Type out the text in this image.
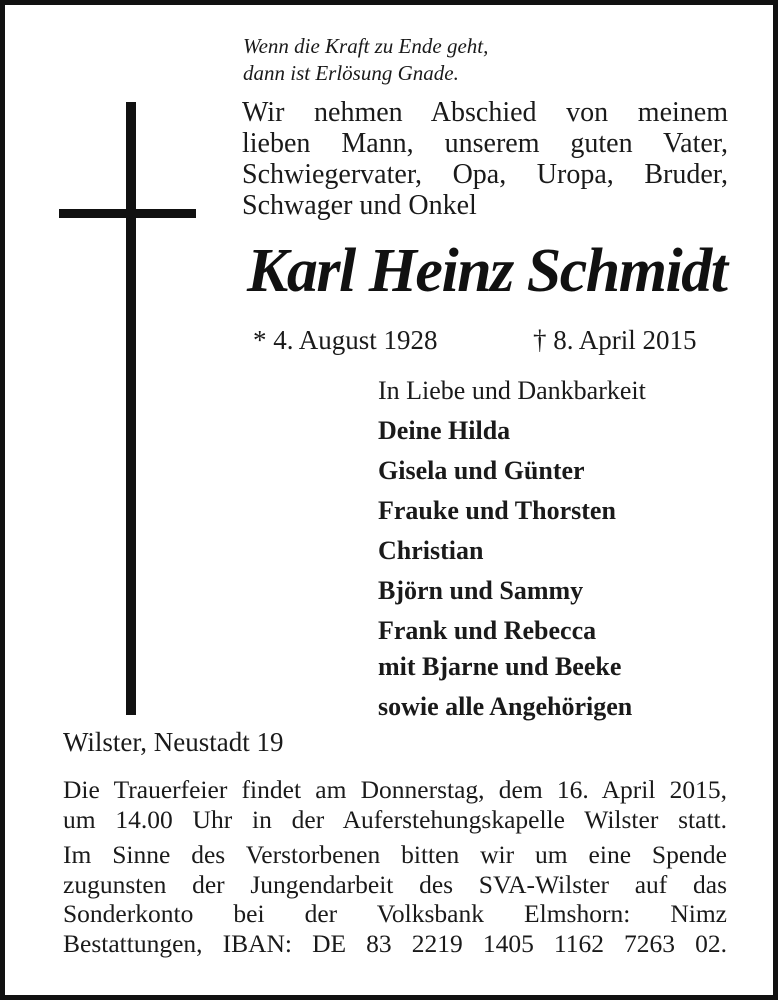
Wenn die Kraft zu Ende geht,
dann ist Erlösung Gnade.
Wir nehmen Abschied von meinem
lieben Mann, unserem guten Vater,
Schwiegervater, Opa, Uropa, Bruder,
Schwager und Onkel
Karl Heinz Schmidt
* 4. August 1928	† 8. April 2015
In Liebe und Dankbarkeit
Deine Hilda
Gisela und Günter
Frauke und Thorsten
Christian
Björn und Sammy
Frank und Rebecca
mit Bjarne und Beeke
sowie alle Angehörigen
Wilster, Neustadt 19
Die Trauerfeier findet am Donnerstag, dem 16. April 2015,
um 14.00 Uhr in der Auferstehungskapelle Wilster statt.
Im Sinne des Verstorbenen bitten wir um eine Spende
zugunsten der Jungendarbeit des SVA-Wilster auf das
Sonderkonto bei der Volksbank Elmshorn: Nimz
Bestattungen, IBAN: DE 83 2219 1405 1162 7263 02.
